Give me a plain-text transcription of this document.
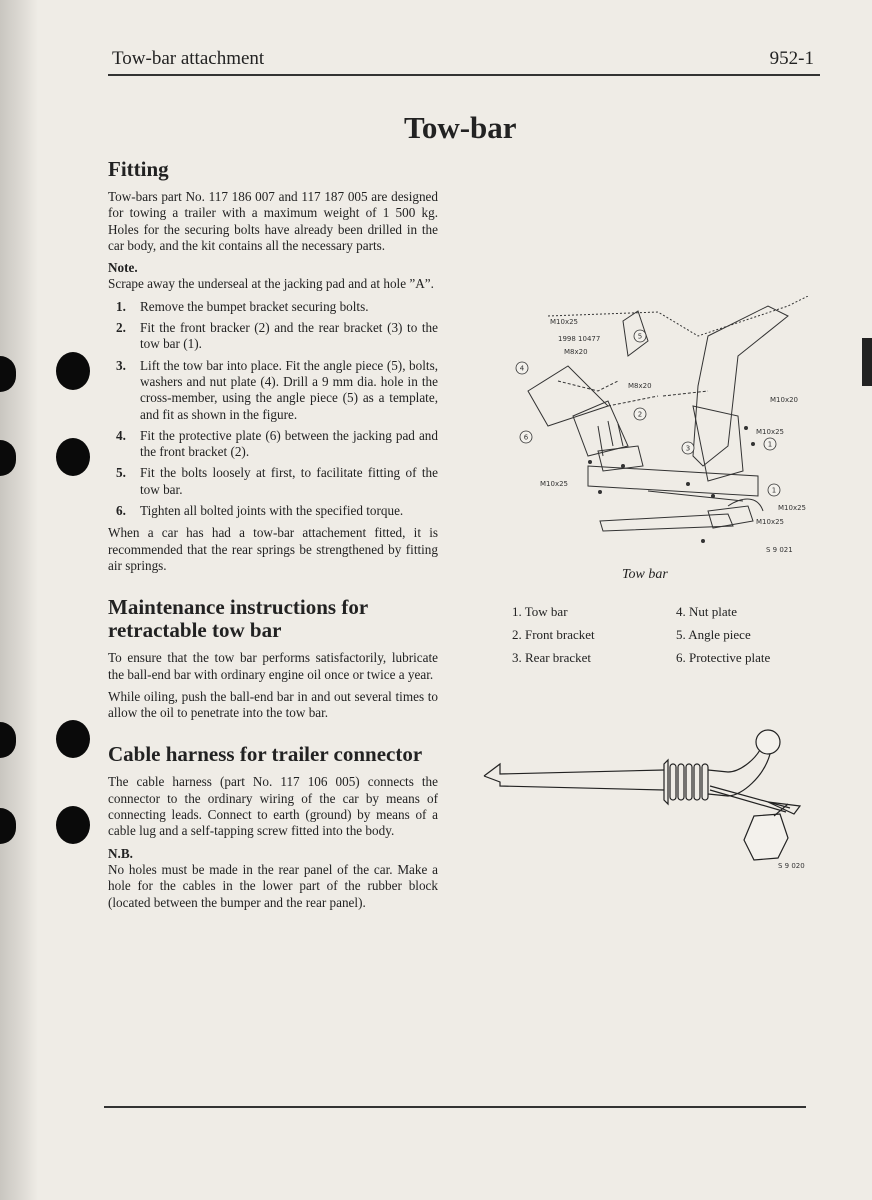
Tow-bar attachment	952-1
Tow-bar
Fitting

Tow-bars part No. 117 186 007 and 117 187 005 are designed for towing a trailer with a maximum weight of 1 500 kg. Holes for the securing bolts have already been drilled in the car body, and the kit contains all the necessary parts.

Note.

Scrape away the underseal at the jacking pad and at hole ”A”.

1. Remove the bumpet bracket securing bolts.
2. Fit the front bracker (2) and the rear bracket (3) to the tow bar (1).
3. Lift the tow bar into place. Fit the angle piece (5), bolts, washers and nut plate (4). Drill a 9 mm dia. hole in the cross-member, using the angle piece (5) as a template, and fit as shown in the figure.
4. Fit the protective plate (6) between the jacking pad and the front bracket (2).
5. Fit the bolts loosely at first, to facilitate fitting of the tow bar.
6. Tighten all bolted joints with the specified torque.

When a car has had a tow-bar attachement fitted, it is recommended that the rear springs be strengthened by fitting air springs.

Maintenance instructions for retractable tow bar

To ensure that the tow bar performs satisfactorily, lubricate the ball-end bar with ordinary engine oil once or twice a year.

While oiling, push the ball-end bar in and out several times to allow the oil to penetrate into the tow bar.

Cable harness for trailer connector

The cable harness (part No. 117 106 005) connects the connector to the ordinary wiring of the car by means of connecting leads. Connect to earth (ground) by means of a cable lug and a self-tapping screw fitted into the body.

N.B.

No holes must be made in the rear panel of the car. Make a hole for the cables in the lower part of the rubber block (located between the bumper and the rear panel).

5
4
2
6
3	1
1
M10x25
1998 10477
M8x20
M8x20
M10x20
M10x25
M10x25
M10x25
M10x25
S 9 021
Tow bar
1. Tow bar
2. Front bracket
3. Rear bracket
4. Nut plate
5. Angle piece
6. Protective plate
S 9 020
